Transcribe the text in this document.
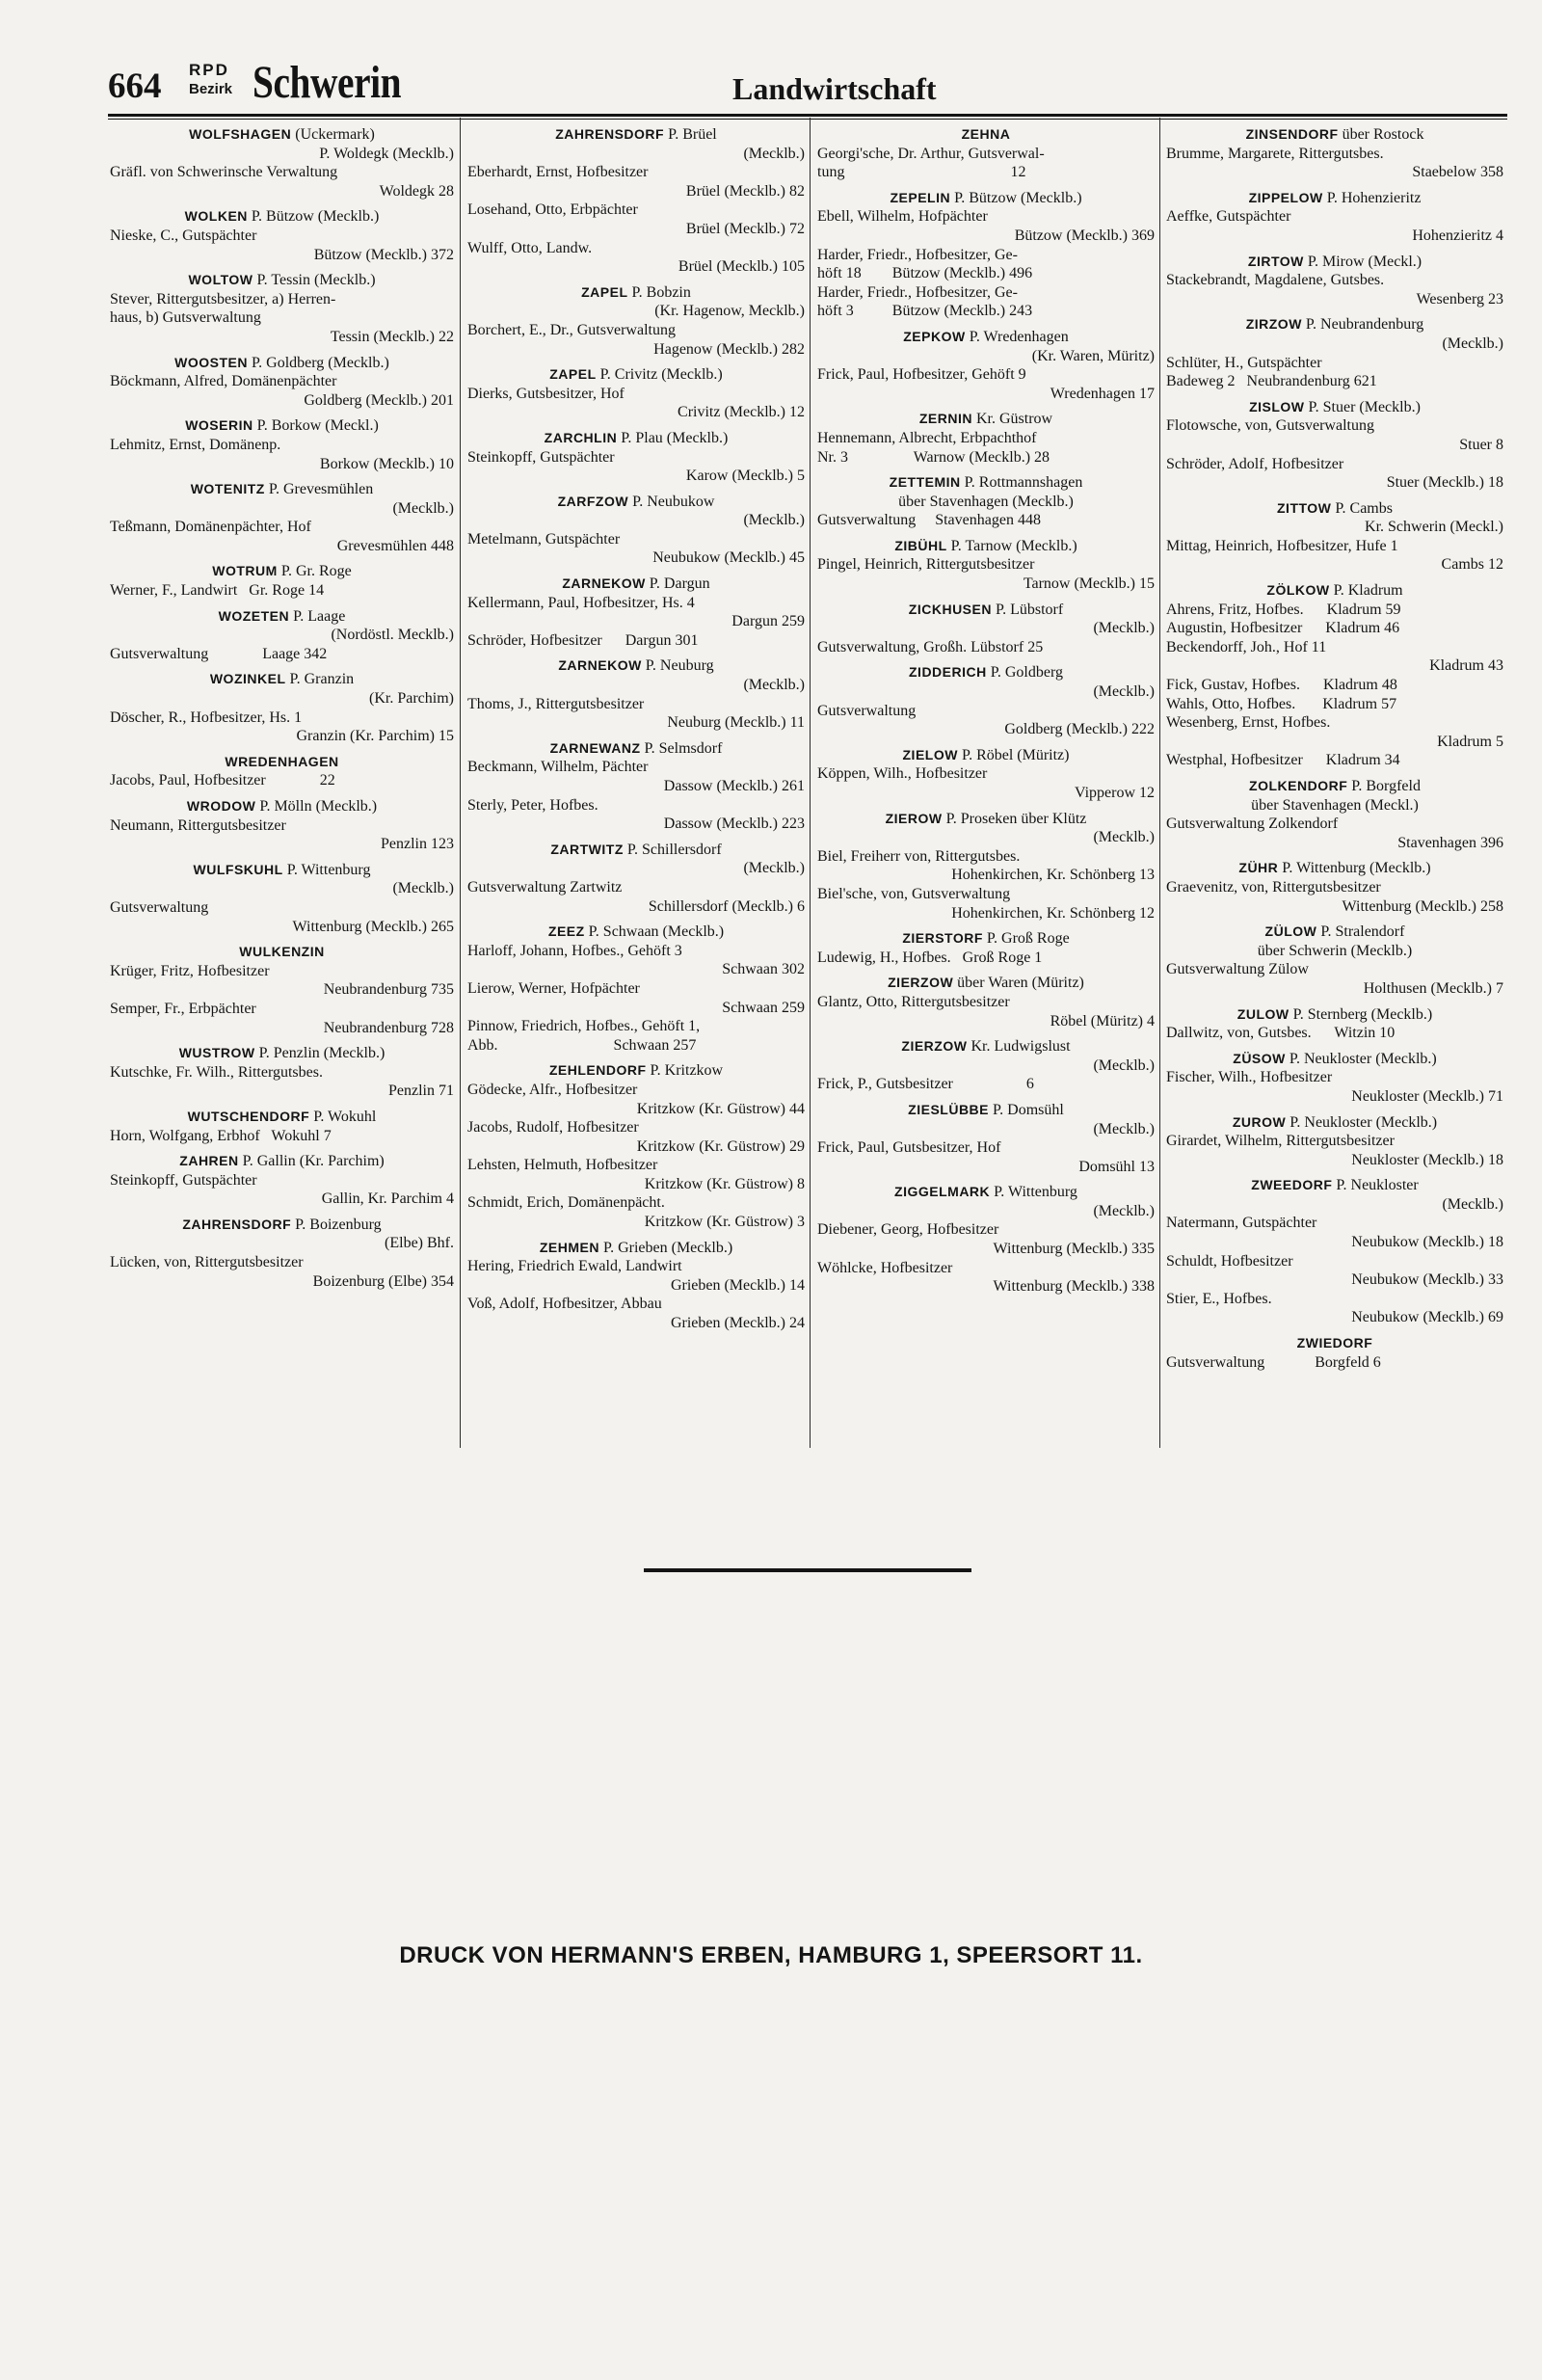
664 RPD
Bezirk Schwerin	Landwirtschaft
WOLFSHAGEN (Uckermark)
P. Woldegk (Mecklb.)
Gräfl. von Schwerinsche Verwaltung
Woldegk 28
WOLKEN P. Bützow (Mecklb.)
Nieske, C., Gutspächter
Bützow (Mecklb.) 372
WOLTOW P. Tessin (Mecklb.)
Stever, Rittergutsbesitzer, a) Herren-
haus, b) Gutsverwaltung
Tessin (Mecklb.) 22
WOOSTEN P. Goldberg (Mecklb.)
Böckmann, Alfred, Domänenpächter
Goldberg (Mecklb.) 201
WOSERIN P. Borkow (Meckl.)
Lehmitz, Ernst, Domänenp.
Borkow (Mecklb.) 10
WOTENITZ P. Grevesmühlen
(Mecklb.)
Teßmann, Domänenpächter, Hof
Grevesmühlen 448
WOTRUM P. Gr. Roge
Werner, F., Landwirt   Gr. Roge 14
WOZETEN P. Laage
(Nordöstl. Mecklb.)
Gutsverwaltung              Laage 342
WOZINKEL P. Granzin
(Kr. Parchim)
Döscher, R., Hofbesitzer, Hs. 1
Granzin (Kr. Parchim) 15
WREDENHAGEN
Jacobs, Paul, Hofbesitzer              22
WRODOW P. Mölln (Mecklb.)
Neumann, Rittergutsbesitzer
Penzlin 123
WULFSKUHL P. Wittenburg
(Mecklb.)
Gutsverwaltung
Wittenburg (Mecklb.) 265
WULKENZIN
Krüger, Fritz, Hofbesitzer
Neubrandenburg 735
Semper, Fr., Erbpächter
Neubrandenburg 728
WUSTROW P. Penzlin (Mecklb.)
Kutschke, Fr. Wilh., Rittergutsbes.
Penzlin 71
WUTSCHENDORF P. Wokuhl
Horn, Wolfgang, Erbhof   Wokuhl 7
ZAHREN P. Gallin (Kr. Parchim)
Steinkopff, Gutspächter
Gallin, Kr. Parchim 4
ZAHRENSDORF P. Boizenburg
(Elbe) Bhf.
Lücken, von, Rittergutsbesitzer
Boizenburg (Elbe) 354
ZAHRENSDORF P. Brüel
(Mecklb.)
Eberhardt, Ernst, Hofbesitzer
Brüel (Mecklb.) 82
Losehand, Otto, Erbpächter
Brüel (Mecklb.) 72
Wulff, Otto, Landw.
Brüel (Mecklb.) 105
ZAPEL P. Bobzin
(Kr. Hagenow, Mecklb.)
Borchert, E., Dr., Gutsverwaltung
Hagenow (Mecklb.) 282
ZAPEL P. Crivitz (Mecklb.)
Dierks, Gutsbesitzer, Hof
Crivitz (Mecklb.) 12
ZARCHLIN P. Plau (Mecklb.)
Steinkopff, Gutspächter
Karow (Mecklb.) 5
ZARFZOW P. Neubukow
(Mecklb.)
Metelmann, Gutspächter
Neubukow (Mecklb.) 45
ZARNEKOW P. Dargun
Kellermann, Paul, Hofbesitzer, Hs. 4
Dargun 259
Schröder, Hofbesitzer      Dargun 301
ZARNEKOW P. Neuburg
(Mecklb.)
Thoms, J., Rittergutsbesitzer
Neuburg (Mecklb.) 11
ZARNEWANZ P. Selmsdorf
Beckmann, Wilhelm, Pächter
Dassow (Mecklb.) 261
Sterly, Peter, Hofbes.
Dassow (Mecklb.) 223
ZARTWITZ P. Schillersdorf
(Mecklb.)
Gutsverwaltung Zartwitz
Schillersdorf (Mecklb.) 6
ZEEZ P. Schwaan (Mecklb.)
Harloff, Johann, Hofbes., Gehöft 3
Schwaan 302
Lierow, Werner, Hofpächter
Schwaan 259
Pinnow, Friedrich, Hofbes., Gehöft 1,
Abb.                              Schwaan 257
ZEHLENDORF P. Kritzkow
Gödecke, Alfr., Hofbesitzer
Kritzkow (Kr. Güstrow) 44
Jacobs, Rudolf, Hofbesitzer
Kritzkow (Kr. Güstrow) 29
Lehsten, Helmuth, Hofbesitzer
Kritzkow (Kr. Güstrow) 8
Schmidt, Erich, Domänenpächt.
Kritzkow (Kr. Güstrow) 3
ZEHMEN P. Grieben (Mecklb.)
Hering, Friedrich Ewald, Landwirt
Grieben (Mecklb.) 14
Voß, Adolf, Hofbesitzer, Abbau
Grieben (Mecklb.) 24
ZEHNA
Georgi'sche, Dr. Arthur, Gutsverwal-
tung                                           12
ZEPELIN P. Bützow (Mecklb.)
Ebell, Wilhelm, Hofpächter
Bützow (Mecklb.) 369
Harder, Friedr., Hofbesitzer, Ge-
höft 18        Bützow (Mecklb.) 496
Harder, Friedr., Hofbesitzer, Ge-
höft 3          Bützow (Mecklb.) 243
ZEPKOW P. Wredenhagen
(Kr. Waren, Müritz)
Frick, Paul, Hofbesitzer, Gehöft 9
Wredenhagen 17
ZERNIN Kr. Güstrow
Hennemann, Albrecht, Erbpachthof
Nr. 3                 Warnow (Mecklb.) 28
ZETTEMIN P. Rottmannshagen
über Stavenhagen (Mecklb.)
Gutsverwaltung     Stavenhagen 448
ZIBÜHL P. Tarnow (Mecklb.)
Pingel, Heinrich, Rittergutsbesitzer
Tarnow (Mecklb.) 15
ZICKHUSEN P. Lübstorf
(Mecklb.)
Gutsverwaltung, Großh. Lübstorf 25
ZIDDERICH P. Goldberg
(Mecklb.)
Gutsverwaltung
Goldberg (Mecklb.) 222
ZIELOW P. Röbel (Müritz)
Köppen, Wilh., Hofbesitzer
Vipperow 12
ZIEROW P. Proseken über Klütz
(Mecklb.)
Biel, Freiherr von, Rittergutsbes.
Hohenkirchen, Kr. Schönberg 13
Biel'sche, von, Gutsverwaltung
Hohenkirchen, Kr. Schönberg 12
ZIERSTORF P. Groß Roge
Ludewig, H., Hofbes.   Groß Roge 1
ZIERZOW über Waren (Müritz)
Glantz, Otto, Rittergutsbesitzer
Röbel (Müritz) 4
ZIERZOW Kr. Ludwigslust
(Mecklb.)
Frick, P., Gutsbesitzer                   6
ZIESLÜBBE P. Domsühl
(Mecklb.)
Frick, Paul, Gutsbesitzer, Hof
Domsühl 13
ZIGGELMARK P. Wittenburg
(Mecklb.)
Diebener, Georg, Hofbesitzer
Wittenburg (Mecklb.) 335
Wöhlcke, Hofbesitzer
Wittenburg (Mecklb.) 338
ZINSENDORF über Rostock
Brumme, Margarete, Rittergutsbes.
Staebelow 358
ZIPPELOW P. Hohenzieritz
Aeffke, Gutspächter
Hohenzieritz 4
ZIRTOW P. Mirow (Meckl.)
Stackebrandt, Magdalene, Gutsbes.
Wesenberg 23
ZIRZOW P. Neubrandenburg
(Mecklb.)
Schlüter, H., Gutspächter
Badeweg 2   Neubrandenburg 621
ZISLOW P. Stuer (Mecklb.)
Flotowsche, von, Gutsverwaltung
Stuer 8
Schröder, Adolf, Hofbesitzer
Stuer (Mecklb.) 18
ZITTOW P. Cambs
Kr. Schwerin (Meckl.)
Mittag, Heinrich, Hofbesitzer, Hufe 1
Cambs 12
ZÖLKOW P. Kladrum
Ahrens, Fritz, Hofbes.      Kladrum 59
Augustin, Hofbesitzer      Kladrum 46
Beckendorff, Joh., Hof 11
Kladrum 43
Fick, Gustav, Hofbes.      Kladrum 48
Wahls, Otto, Hofbes.       Kladrum 57
Wesenberg, Ernst, Hofbes.
Kladrum 5
Westphal, Hofbesitzer      Kladrum 34
ZOLKENDORF P. Borgfeld
über Stavenhagen (Meckl.)
Gutsverwaltung Zolkendorf
Stavenhagen 396
ZÜHR P. Wittenburg (Mecklb.)
Graevenitz, von, Rittergutsbesitzer
Wittenburg (Mecklb.) 258
ZÜLOW P. Stralendorf
über Schwerin (Mecklb.)
Gutsverwaltung Zülow
Holthusen (Mecklb.) 7
ZULOW P. Sternberg (Mecklb.)
Dallwitz, von, Gutsbes.      Witzin 10
ZÜSOW P. Neukloster (Mecklb.)
Fischer, Wilh., Hofbesitzer
Neukloster (Mecklb.) 71
ZUROW P. Neukloster (Mecklb.)
Girardet, Wilhelm, Rittergutsbesitzer
Neukloster (Mecklb.) 18
ZWEEDORF P. Neukloster
(Mecklb.)
Natermann, Gutspächter
Neubukow (Mecklb.) 18
Schuldt, Hofbesitzer
Neubukow (Mecklb.) 33
Stier, E., Hofbes.
Neubukow (Mecklb.) 69
ZWIEDORF
Gutsverwaltung             Borgfeld 6
DRUCK VON HERMANN'S ERBEN, HAMBURG 1, SPEERSORT 11.
